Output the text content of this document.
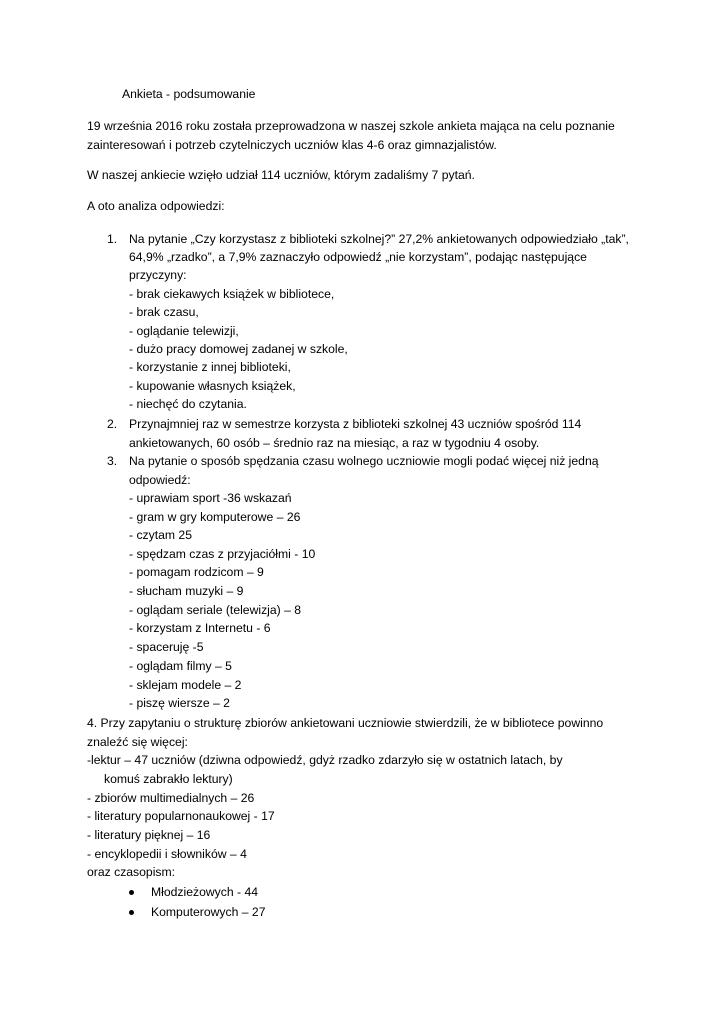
Ankieta - podsumowanie
19 września 2016 roku została przeprowadzona w naszej szkole ankieta mająca na celu poznanie
zainteresowań i potrzeb czytelniczych uczniów klas 4-6 oraz gimnazjalistów.
W naszej ankiecie wzięło udział 114 uczniów, którym zadaliśmy 7 pytań.
A oto analiza odpowiedzi:
1. Na pytanie „Czy korzystasz z biblioteki szkolnej?” 27,2% ankietowanych odpowiedziało „tak”,
64,9% „rzadko”, a 7,9% zaznaczyło odpowiedź „nie korzystam”, podając następujące
przyczyny:
- brak ciekawych książek w bibliotece,
- brak czasu,
- oglądanie telewizji,
- dużo pracy domowej zadanej w szkole,
- korzystanie z innej biblioteki,
- kupowanie własnych książek,
- niechęć do czytania.
2. Przynajmniej raz w semestrze korzysta z biblioteki szkolnej 43 uczniów spośród 114
ankietowanych, 60 osób – średnio raz na miesiąc, a raz w tygodniu 4 osoby.
3. Na pytanie o sposób spędzania czasu wolnego uczniowie mogli podać więcej niż jedną
odpowiedź:
- uprawiam sport -36 wskazań
- gram w gry komputerowe – 26
- czytam 25
- spędzam czas z przyjaciółmi - 10
- pomagam rodzicom – 9
- słucham muzyki – 9
- oglądam seriale (telewizja) – 8
- korzystam z Internetu - 6
- spaceruję -5
- oglądam filmy – 5
- sklejam modele – 2
- piszę wiersze – 2
4. Przy zapytaniu o strukturę zbiorów ankietowani uczniowie stwierdzili, że w bibliotece powinno
znaleźć się więcej:
-lektur – 47 uczniów (dziwna odpowiedź, gdyż rzadko zdarzyło się w ostatnich latach, by
komuś zabrakło lektury)
- zbiorów multimedialnych – 26
- literatury popularnonaukowej - 17
- literatury pięknej – 16
- encyklopedii i słowników – 4
oraz czasopism:
Młodzieżowych - 44
Komputerowych – 27
